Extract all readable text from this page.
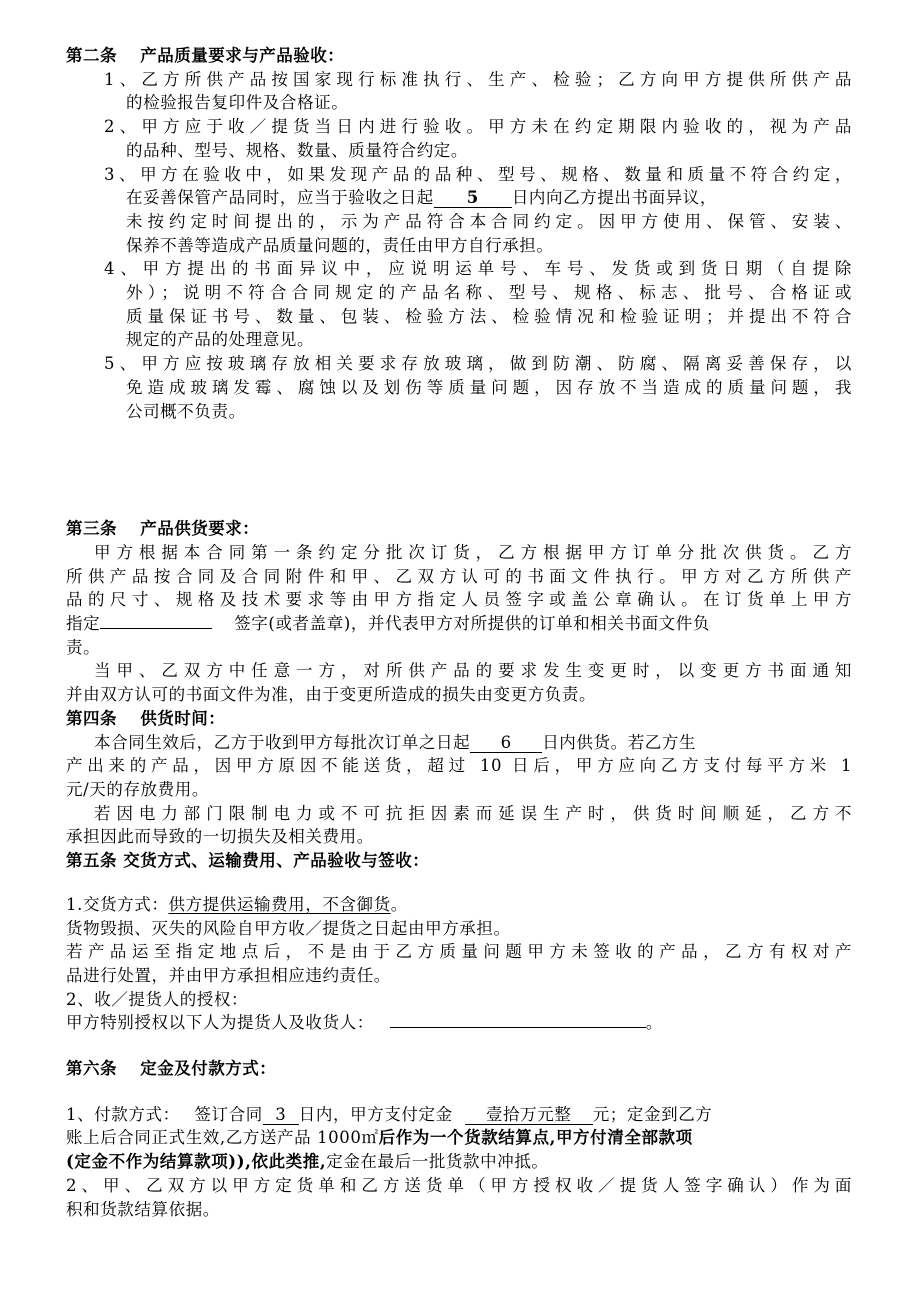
第二条　 产品质量要求与产品验收：
1、乙方所供产品按国家现行标准执行、生产、检验；乙方向甲方提供所供产品
的检验报告复印件及合格证。
2、甲方应于收／提货当日内进行验收。甲方未在约定期限内验收的，视为产品
的品种、型号、规格、数量、质量符合约定。
3、甲方在验收中，如果发现产品的品种、型号、规格、数量和质量不符合约定，
在妥善保管产品同时，应当于验收之日起 5 日内向乙方提出书面异议，
未按约定时间提出的，示为产品符合本合同约定。因甲方使用、保管、安装、
保养不善等造成产品质量问题的，责任由甲方自行承担。
4、甲方提出的书面异议中，应说明运单号、车号、发货或到货日期（自提除
外）；说明不符合合同规定的产品名称、型号、规格、标志、批号、合格证或
质量保证书号、数量、包装、检验方法、检验情况和检验证明；并提出不符合
规定的产品的处理意见。
5、甲方应按玻璃存放相关要求存放玻璃，做到防潮、防腐、隔离妥善保存，以
免造成玻璃发霉、腐蚀以及划伤等质量问题，因存放不当造成的质量问题，我
公司概不负责。
第三条　 产品供货要求：
甲方根据本合同第一条约定分批次订货，乙方根据甲方订单分批次供货。乙方
所供产品按合同及合同附件和甲、乙双方认可的书面文件执行。甲方对乙方所供产
品的尺寸、规格及技术要求等由甲方指定人员签字或盖公章确认。在订货单上甲方
指定	签字(或者盖章)，并代表甲方对所提供的订单和相关书面文件负
责。
当甲、乙双方中任意一方，对所供产品的要求发生变更时，以变更方书面通知
并由双方认可的书面文件为准，由于变更所造成的损失由变更方负责。
第四条　 供货时间：
本合同生效后，乙方于收到甲方每批次订单之日起 6 日内供货。若乙方生
产出来的产品，因甲方原因不能送货，超过 10 日后，甲方应向乙方支付每平方米 1
元/天的存放费用。
若因电力部门限制电力或不可抗拒因素而延误生产时，供货时间顺延，乙方不
承担因此而导致的一切损失及相关费用。
第五条 交货方式、运输费用、产品验收与签收：
1.交货方式：供方提供运输费用，不含御货。
货物毁损、灭失的风险自甲方收／提货之日起由甲方承担。
若产品运至指定地点后，不是由于乙方质量问题甲方未签收的产品，乙方有权对产
品进行处置，并由甲方承担相应违约责任。
2、收／提货人的授权：
甲方特别授权以下人为提货人及收货人：	。
第六条　 定金及付款方式：
1、付款方式：　 签订合同 3 日内，甲方支付定金 壹拾万元整 元；定金到乙方
账上后合同正式生效,乙方送产品 1000㎡后作为一个货款结算点,甲方付清全部款项
(定金不作为结算款项)),依此类推,定金在最后一批货款中冲抵。
2、甲、乙双方以甲方定货单和乙方送货单（甲方授权收／提货人签字确认）作为面
积和货款结算依据。
